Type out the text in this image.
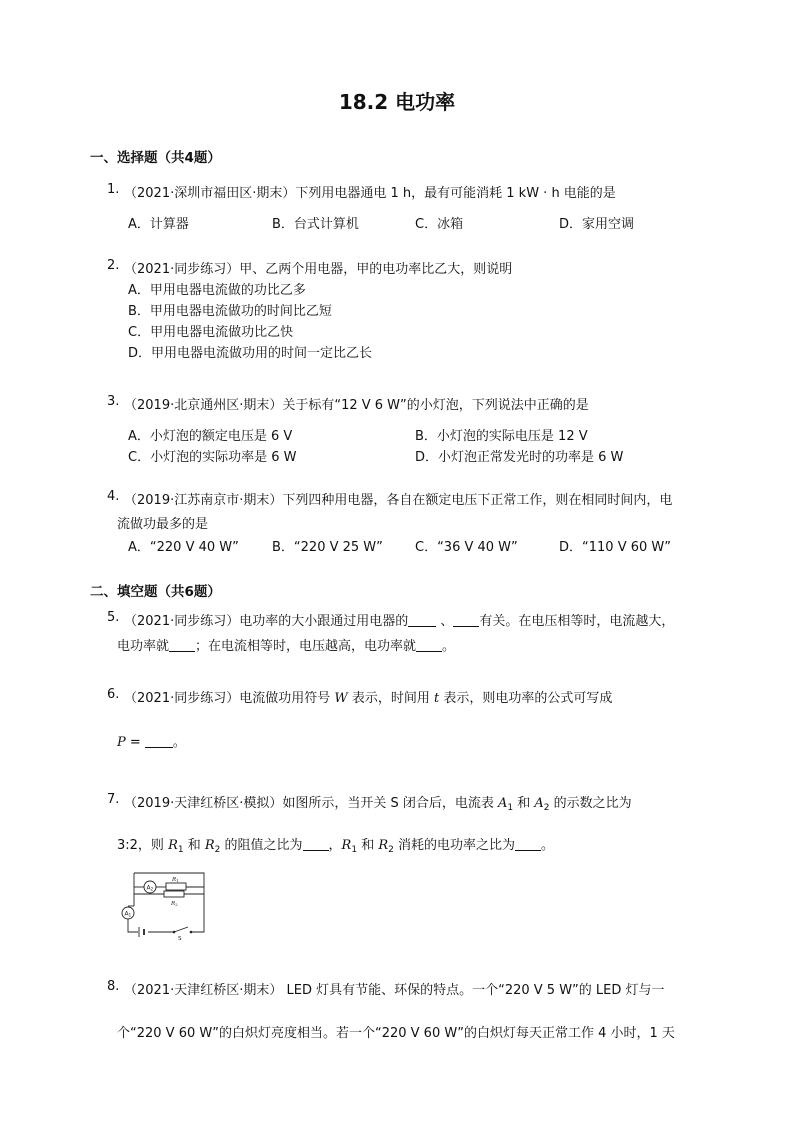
18.2 电功率
一、选择题（共4题）
1. （2021·深圳市福田区·期末）下列用电器通电 1 h，最有可能消耗 1 kW · h 电能的是
A．计算器	B．台式计算机	C．冰箱	D．家用空调
2. （2021·同步练习）甲、乙两个用电器，甲的电功率比乙大，则说明
A．甲用电器电流做的功比乙多
B．甲用电器电流做功的时间比乙短
C．甲用电器电流做功比乙快
D．甲用电器电流做功用的时间一定比乙长
3. （2019·北京通州区·期末）关于标有“12 V 6 W”的小灯泡，下列说法中正确的是
A．小灯泡的额定电压是 6 V	B．小灯泡的实际电压是 12 V
C．小灯泡的实际功率是 6 W	D．小灯泡正常发光时的功率是 6 W
4. （2019·江苏南京市·期末）下列四种用电器，各自在额定电压下正常工作，则在相同时间内，电
流做功最多的是
A．“220 V 40 W”	B．“220 V 25 W” C．“36 V 40 W”	D．“110 V 60 W”
二、填空题（共6题）
5. （2021·同步练习）电功率的大小跟通过用电器的 、 有关。在电压相等时，电流越大，
电功率就 ；在电流相等时，电压越高，电功率就 。
6. （2021·同步练习）电流做功用符号 W 表示，时间用 t 表示，则电功率的公式可写成
P = 。
7. （2019·天津红桥区·模拟）如图所示，当开关 S 闭合后，电流表 $A_1$ 和 $A_2$ 的示数之比为
3:2，则 $R_1$ 和 $R_2$ 的阻值之比为 ，$R_1$ 和 $R_2$ 消耗的电功率之比为 。
A2
A1
R1
R2
S
8. （2021·天津红桥区·期末） LED 灯具有节能、环保的特点。一个“220 V 5 W”的 LED 灯与一
个“220 V 60 W”的白炽灯亮度相当。若一个“220 V 60 W”的白炽灯每天正常工作 4 小时，1 天
